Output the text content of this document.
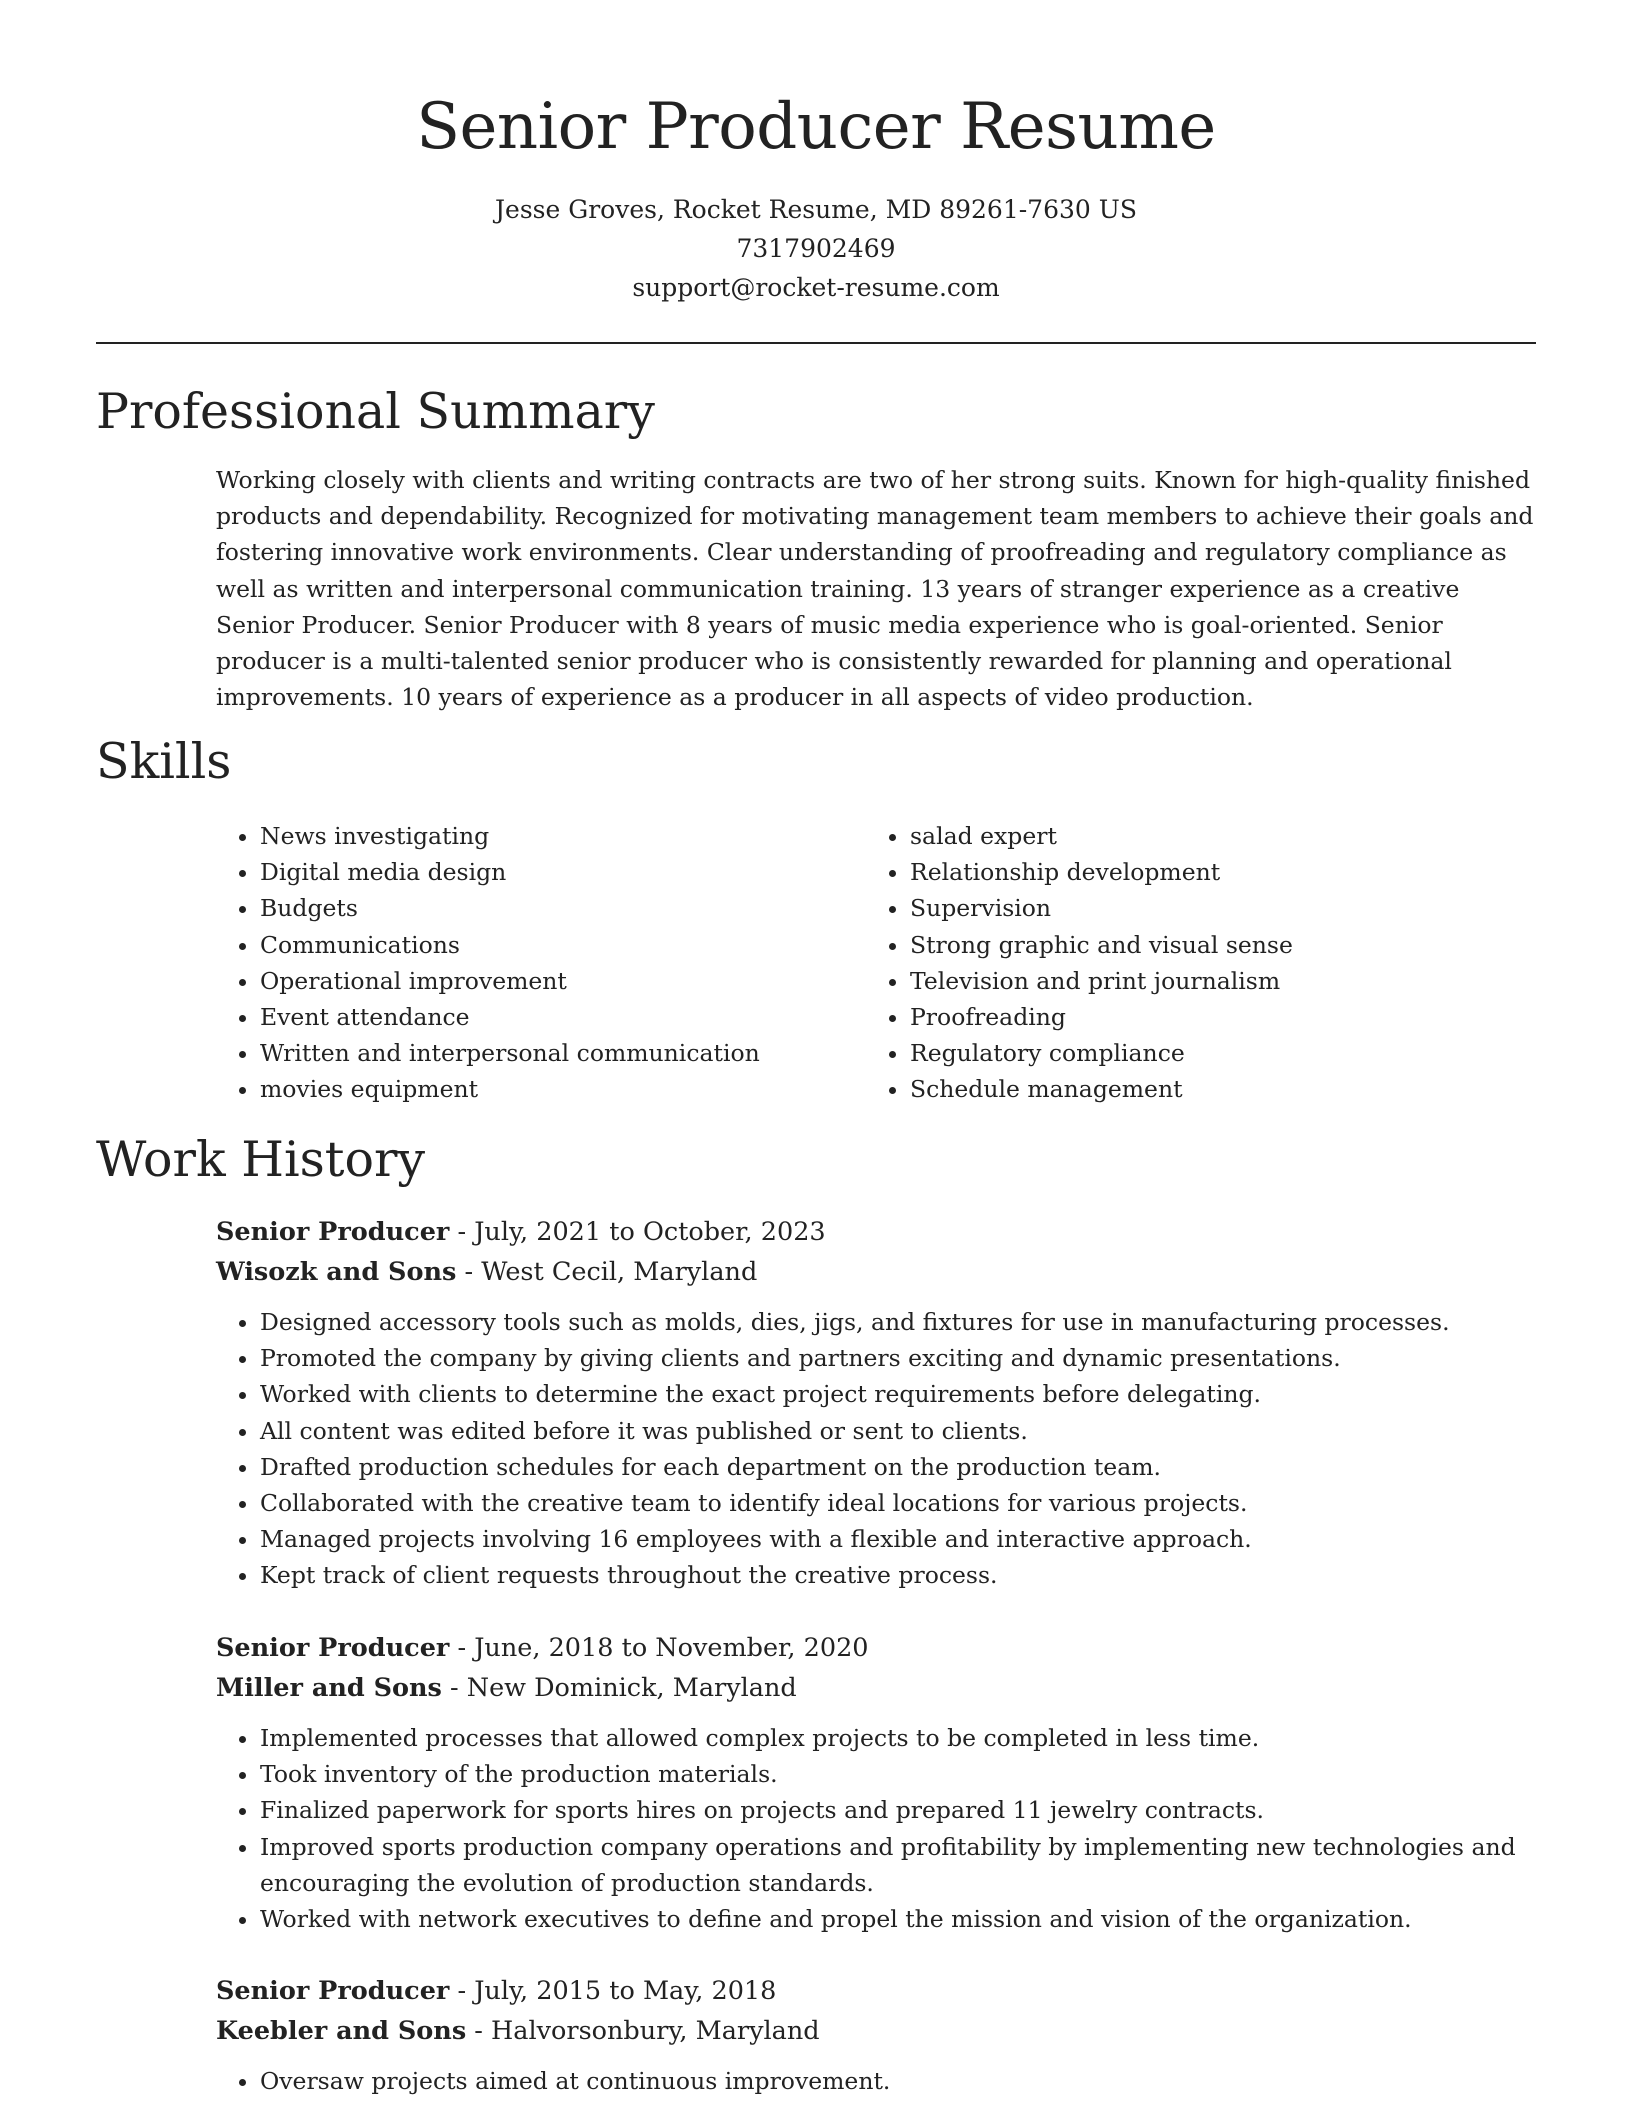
Senior Producer Resume
Jesse Groves, Rocket Resume, MD 89261-7630 US
7317902469
support@rocket-resume.com
Professional Summary

Working closely with clients and writing contracts are two of her strong suits. Known for high-quality finished products and dependability. Recognized for motivating management team members to achieve their goals and fostering innovative work environments. Clear understanding of proofreading and regulatory compliance as well as written and interpersonal communication training. 13 years of stranger experience as a creative Senior Producer. Senior Producer with 8 years of music media experience who is goal-oriented. Senior producer is a multi-talented senior producer who is consistently rewarded for planning and operational improvements. 10 years of experience as a producer in all aspects of video production.

Skills
• News investigating
• Digital media design
• Budgets
• Communications
• Operational improvement
• Event attendance
• Written and interpersonal communication
• movies equipment
• salad expert
• Relationship development
• Supervision
• Strong graphic and visual sense
• Television and print journalism
• Proofreading
• Regulatory compliance
• Schedule management
Work History
Senior Producer - July, 2021 to October, 2023
Wisozk and Sons - West Cecil, Maryland
• Designed accessory tools such as molds, dies, jigs, and fixtures for use in manufacturing processes.
• Promoted the company by giving clients and partners exciting and dynamic presentations.
• Worked with clients to determine the exact project requirements before delegating.
• All content was edited before it was published or sent to clients.
• Drafted production schedules for each department on the production team.
• Collaborated with the creative team to identify ideal locations for various projects.
• Managed projects involving 16 employees with a flexible and interactive approach.
• Kept track of client requests throughout the creative process.
Senior Producer - June, 2018 to November, 2020
Miller and Sons - New Dominick, Maryland
• Implemented processes that allowed complex projects to be completed in less time.
• Took inventory of the production materials.
• Finalized paperwork for sports hires on projects and prepared 11 jewelry contracts.
• Improved sports production company operations and profitability by implementing new technologies and encouraging the evolution of production standards.
• Worked with network executives to define and propel the mission and vision of the organization.
Senior Producer - July, 2015 to May, 2018
Keebler and Sons - Halvorsonbury, Maryland
• Oversaw projects aimed at continuous improvement.
